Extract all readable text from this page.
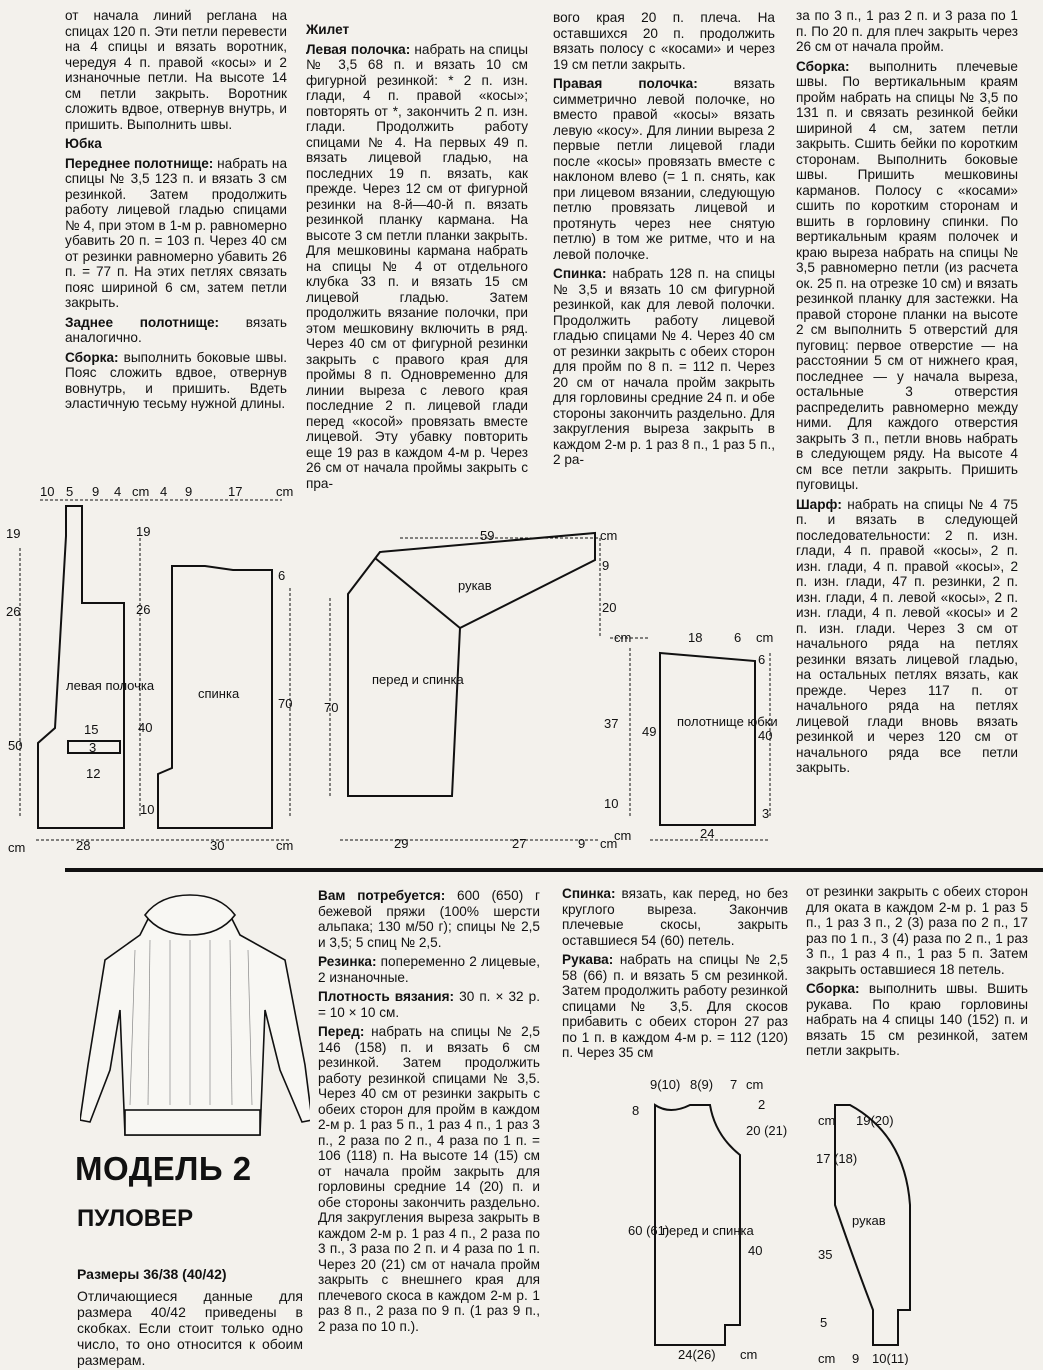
от начала линий реглана на спицах 120 п. Эти петли перевести на 4 спицы и вязать воротник, чередуя 4 п. правой «косы» и 2 изнаночные петли. На высоте 14 см петли закрыть. Воротник сложить вдвое, отвернув внутрь, и пришить. Выполнить швы.
Юбка
Переднее полотнище: набрать на спицы № 3,5 123 п. и вязать 3 см резинкой. Затем продолжить работу лицевой гладью спицами № 4, при этом в 1-м р. равномерно убавить 20 п. = 103 п. Через 40 см от резинки равномерно убавить 26 п. = 77 п. На этих петлях связать пояс шириной 6 см, затем петли закрыть.
Заднее полотнище: вязать аналогично.
Сборка: выполнить боковые швы. Пояс сложить вдвое, отвернув вовнутрь, и пришить. Вдеть эластичную тесьму нужной длины.
Жилет
Левая полочка: набрать на спицы № 3,5 68 п. и вязать 10 см фигурной резинкой: * 2 п. изн. глади, 4 п. правой «косы»; повторять от *, закончить 2 п. изн. глади. Продолжить работу спицами № 4. На первых 49 п. вязать лицевой гладью, на последних 19 п. вязать, как прежде. Через 12 см от фигурной резинки на 8-й—40-й п. вязать резинкой планку кармана. На высоте 3 см петли планки закрыть. Для мешковины кармана набрать на спицы № 4 от отдельного клубка 33 п. и вязать 15 см лицевой гладью. Затем продолжить вязание полочки, при этом мешковину включить в ряд. Через 40 см от фигурной резинки закрыть с правого края для проймы 8 п. Одновременно для линии выреза с левого края последние 2 п. лицевой глади перед «косой» провязать вместе лицевой. Эту убавку повторить еще 19 раз в каждом 4-м р. Через 26 см от начала проймы закрыть с пра-
вого края 20 п. плеча. На оставшихся 20 п. продолжить вязать полосу с «косами» и через 19 см петли закрыть.
Правая полочка: вязать симметрично левой полочке, но вместо правой «косы» вязать левую «косу». Для линии выреза 2 первые петли лицевой глади после «косы» провязать вместе с наклоном влево (= 1 п. снять, как при лицевом вязании, следующую петлю провязать лицевой и протянуть через нее снятую петлю) в том же ритме, что и на левой полочке.
Спинка: набрать 128 п. на спицы № 3,5 и вязать 10 см фигурной резинкой, как для левой полочки. Продолжить работу лицевой гладью спицами № 4. Через 40 см от резинки закрыть с обеих сторон для пройм по 8 п. = 112 п. Через 20 см от начала пройм закрыть для горловины средние 24 п. и обе стороны закончить раздельно. Для закругления выреза закрыть в каждом 2-м р. 1 раз 8 п., 1 раз 5 п., 2 ра-
за по 3 п., 1 раз 2 п. и 3 раза по 1 п. По 20 п. для плеч закрыть через 26 см от начала пройм.
Сборка: выполнить плечевые швы. По вертикальным краям пройм набрать на спицы № 3,5 по 131 п. и связать резинкой бейки шириной 4 см, затем петли закрыть. Сшить бейки по коротким сторонам. Выполнить боковые швы. Пришить мешковины карманов. Полосу с «косами» сшить по коротким сторонам и вшить в горловину спинки. По вертикальным краям полочек и краю выреза набрать на спицы № 3,5 равномерно петли (из расчета ок. 25 п. на отрезке 10 см) и вязать резинкой планку для застежки. На правой стороне планки на высоте 2 см выполнить 5 отверстий для пуговиц: первое отверстие — на расстоянии 5 см от нижнего края, последнее — у начала выреза, остальные 3 отверстия распределить равномерно между ними. Для каждого отверстия закрыть 3 п., петли вновь набрать в следующем ряду. На высоте 4 см все петли закрыть. Пришить пуговицы.
Шарф: набрать на спицы № 4 75 п. и вязать в следующей последовательности: 2 п. изн. глади, 4 п. правой «косы», 2 п. изн. глади, 4 п. правой «косы», 2 п. изн. глади, 47 п. резинки, 2 п. изн. глади, 4 п. левой «косы», 2 п. изн. глади, 4 п. левой «косы» и 2 п. изн. глади. Через 3 см от начального ряда на петлях резинки вязать лицевой гладью, на остальных петлях вязать, как прежде. Через 117 п. от начального ряда на петлях лицевой глади вновь вязать резинкой и через 120 см от начального ряда все петли закрыть.
10 5 9 4 cm 4 9	17	cm
19
26
50
cm	28
левая полочка
15
3
12
спинка
19
26
40
10
6
70
30	cm
59	cm
9
20
рукав
перед и спинка
70
29	27	9 cm
cm	18 6 cm
37
49
10
cm
6
40
3
полотнище юбки
24
МОДЕЛЬ 2
ПУЛОВЕР
Размеры 36/38 (40/42)
Отличающиеся данные для размера 40/42 приведены в скобках. Если стоит только одно число, то оно относится к обоим размерам.
Вам потребуется: 600 (650) г бежевой пряжи (100% шерсти альпака; 130 м/50 г); спицы № 2,5 и 3,5; 5 спиц № 2,5.
Резинка: попеременно 2 лицевые, 2 изнаночные.
Плотность вязания: 30 п. × 32 р. = 10 × 10 см.
Перед: набрать на спицы № 2,5 146 (158) п. и вязать 6 см резинкой. Затем продолжить работу резинкой спицами № 3,5. Через 40 см от резинки закрыть с обеих сторон для пройм в каждом 2-м р. 1 раз 5 п., 1 раз 4 п., 1 раз 3 п., 2 раза по 2 п., 4 раза по 1 п. = 106 (118) п. На высоте 14 (15) см от начала пройм закрыть для горловины средние 14 (20) п. и обе стороны закончить раздельно. Для закругления выреза закрыть в каждом 2-м р. 1 раз 4 п., 2 раза по 3 п., 3 раза по 2 п. и 4 раза по 1 п. Через 20 (21) см от начала пройм закрыть с внешнего края для плечевого скоса в каждом 2-м р. 1 раз 8 п., 2 раза по 9 п. (1 раз 9 п., 2 раза по 10 п.).
Спинка: вязать, как перед, но без круглого выреза. Закончив плечевые скосы, закрыть оставшиеся 54 (60) петель.
Рукава: набрать на спицы № 2,5 58 (66) п. и вязать 5 см резинкой. Затем продолжить работу резинкой спицами № 3,5. Для скосов прибавить с обеих сторон 27 раз по 1 п. в каждом 4-м р. = 112 (120) п. Через 35 см
от резинки закрыть с обеих сторон для оката в каждом 2-м р. 1 раз 5 п., 1 раз 3 п., 2 (3) раза по 2 п., 17 раз по 1 п., 3 (4) раза по 2 п., 1 раз 3 п., 1 раз 4 п., 1 раз 5 п. Затем закрыть оставшиеся 18 петель.
Сборка: выполнить швы. Вшить рукава. По краю горловины набрать на 4 спицы 140 (152) п. и вязать 15 см резинкой, затем петли закрыть.
9(10) 8(9) 7 cm
8
60 (61)
2
20 (21)
40
перед и спинка
24(26) cm
cm 19(20)
17 (18)
35
5
cm
рукав
9 10(11)
